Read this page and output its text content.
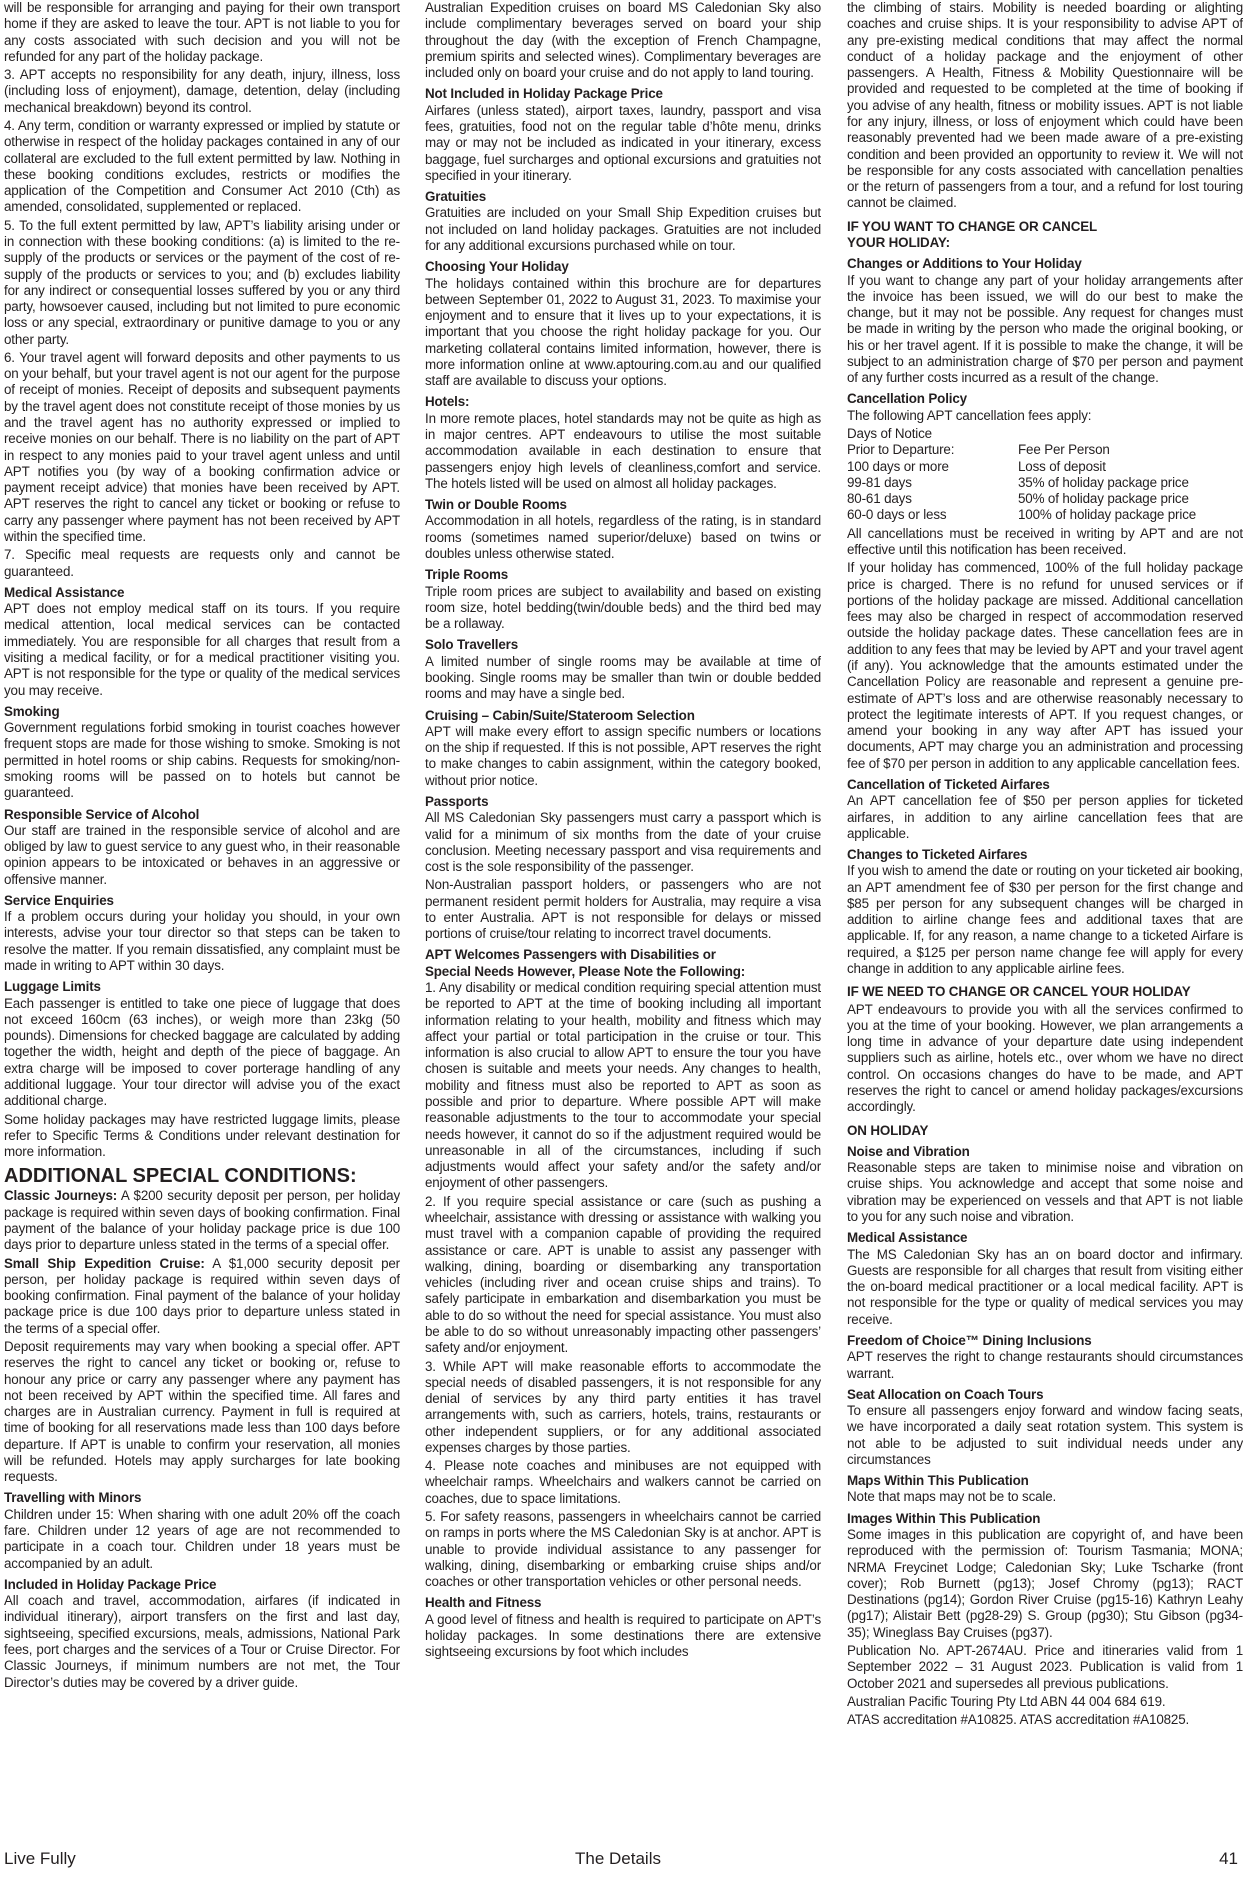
will be responsible for arranging and paying for their own transport home if they are asked to leave the tour. APT is not liable to you for any costs associated with such decision and you will not be refunded for any part of the holiday package.

3. APT accepts no responsibility for any death, injury, illness, loss (including loss of enjoyment), damage, detention, delay (including mechanical breakdown) beyond its control.

4. Any term, condition or warranty expressed or implied by statute or otherwise in respect of the holiday packages contained in any of our collateral are excluded to the full extent permitted by law. Nothing in these booking conditions excludes, restricts or modifies the application of the Competition and Consumer Act 2010 (Cth) as amended, consolidated, supplemented or replaced.

5. To the full extent permitted by law, APT’s liability arising under or in connection with these booking conditions: (a) is limited to the re-supply of the products or services or the payment of the cost of re-supply of the products or services to you; and (b) excludes liability for any indirect or consequential losses suffered by you or any third party, howsoever caused, including but not limited to pure economic loss or any special, extraordinary or punitive damage to you or any other party.

6. Your travel agent will forward deposits and other payments to us on your behalf, but your travel agent is not our agent for the purpose of receipt of monies. Receipt of deposits and subsequent payments by the travel agent does not constitute receipt of those monies by us and the travel agent has no authority expressed or implied to receive monies on our behalf. There is no liability on the part of APT in respect to any monies paid to your travel agent unless and until APT notifies you (by way of a booking confirmation advice or payment receipt advice) that monies have been received by APT. APT reserves the right to cancel any ticket or booking or refuse to carry any passenger where payment has not been received by APT within the specified time.

7. Specific meal requests are requests only and cannot be guaranteed.

Medical Assistance

APT does not employ medical staff on its tours. If you require medical attention, local medical services can be contacted immediately. You are responsible for all charges that result from a visiting a medical facility, or for a medical practitioner visiting you. APT is not responsible for the type or quality of the medical services you may receive.

Smoking

Government regulations forbid smoking in tourist coaches however frequent stops are made for those wishing to smoke. Smoking is not permitted in hotel rooms or ship cabins. Requests for smoking/non-smoking rooms will be passed on to hotels but cannot be guaranteed.

Responsible Service of Alcohol

Our staff are trained in the responsible service of alcohol and are obliged by law to guest service to any guest who, in their reasonable opinion appears to be intoxicated or behaves in an aggressive or offensive manner.

Service Enquiries

If a problem occurs during your holiday you should, in your own interests, advise your tour director so that steps can be taken to resolve the matter. If you remain dissatisfied, any complaint must be made in writing to APT within 30 days.

Luggage Limits

Each passenger is entitled to take one piece of luggage that does not exceed 160cm (63 inches), or weigh more than 23kg (50 pounds). Dimensions for checked baggage are calculated by adding together the width, height and depth of the piece of baggage. An extra charge will be imposed to cover porterage handling of any additional luggage. Your tour director will advise you of the exact additional charge.

Some holiday packages may have restricted luggage limits, please refer to Specific Terms & Conditions under relevant destination for more information.

ADDITIONAL SPECIAL CONDITIONS:

Classic Journeys: A $200 security deposit per person, per holiday package is required within seven days of booking confirmation. Final payment of the balance of your holiday package price is due 100 days prior to departure unless stated in the terms of a special offer.

Small Ship Expedition Cruise: A $1,000 security deposit per person, per holiday package is required within seven days of booking confirmation. Final payment of the balance of your holiday package price is due 100 days prior to departure unless stated in the terms of a special offer.

Deposit requirements may vary when booking a special offer. APT reserves the right to cancel any ticket or booking or, refuse to honour any price or carry any passenger where any payment has not been received by APT within the specified time. All fares and charges are in Australian currency. Payment in full is required at time of booking for all reservations made less than 100 days before departure. If APT is unable to confirm your reservation, all monies will be refunded. Hotels may apply surcharges for late booking requests.

Travelling with Minors

Children under 15: When sharing with one adult 20% off the coach fare. Children under 12 years of age are not recommended to participate in a coach tour. Children under 18 years must be accompanied by an adult.

Included in Holiday Package Price

All coach and travel, accommodation, airfares (if indicated in individual itinerary), airport transfers on the first and last day, sightseeing, specified excursions, meals, admissions, National Park fees, port charges and the services of a Tour or Cruise Director. For Classic Journeys, if minimum numbers are not met, the Tour Director’s duties may be covered by a driver guide.

Australian Expedition cruises on board MS Caledonian Sky also include complimentary beverages served on board your ship throughout the day (with the exception of French Champagne, premium spirits and selected wines). Complimentary beverages are included only on board your cruise and do not apply to land touring.

Not Included in Holiday Package Price

Airfares (unless stated), airport taxes, laundry, passport and visa fees, gratuities, food not on the regular table d’hôte menu, drinks may or may not be included as indicated in your itinerary, excess baggage, fuel surcharges and optional excursions and gratuities not specified in your itinerary.

Gratuities

Gratuities are included on your Small Ship Expedition cruises but not included on land holiday packages. Gratuities are not included for any additional excursions purchased while on tour.

Choosing Your Holiday

The holidays contained within this brochure are for departures between September 01, 2022 to August 31, 2023. To maximise your enjoyment and to ensure that it lives up to your expectations, it is important that you choose the right holiday package for you. Our marketing collateral contains limited information, however, there is more information online at www.aptouring.com.au and our qualified staff are available to discuss your options.

Hotels:

In more remote places, hotel standards may not be quite as high as in major centres. APT endeavours to utilise the most suitable accommodation available in each destination to ensure that passengers enjoy high levels of cleanliness,comfort and service. The hotels listed will be used on almost all holiday packages.

Twin or Double Rooms

Accommodation in all hotels, regardless of the rating, is in standard rooms (sometimes named superior/deluxe) based on twins or doubles unless otherwise stated.

Triple Rooms

Triple room prices are subject to availability and based on existing room size, hotel bedding(twin/double beds) and the third bed may be a rollaway.

Solo Travellers

A limited number of single rooms may be available at time of booking. Single rooms may be smaller than twin or double bedded rooms and may have a single bed.

Cruising – Cabin/Suite/Stateroom Selection

APT will make every effort to assign specific numbers or locations on the ship if requested. If this is not possible, APT reserves the right to make changes to cabin assignment, within the category booked, without prior notice.

Passports

All MS Caledonian Sky passengers must carry a passport which is valid for a minimum of six months from the date of your cruise conclusion. Meeting necessary passport and visa requirements and cost is the sole responsibility of the passenger.

Non-Australian passport holders, or passengers who are not permanent resident permit holders for Australia, may require a visa to enter Australia. APT is not responsible for delays or missed portions of cruise/tour relating to incorrect travel documents.

APT Welcomes Passengers with Disabilities or
Special Needs However, Please Note the Following:

1. Any disability or medical condition requiring special attention must be reported to APT at the time of booking including all important information relating to your health, mobility and fitness which may affect your partial or total participation in the cruise or tour. This information is also crucial to allow APT to ensure the tour you have chosen is suitable and meets your needs. Any changes to health, mobility and fitness must also be reported to APT as soon as possible and prior to departure. Where possible APT will make reasonable adjustments to the tour to accommodate your special needs however, it cannot do so if the adjustment required would be unreasonable in all of the circumstances, including if such adjustments would affect your safety and/or the safety and/or enjoyment of other passengers.

2. If you require special assistance or care (such as pushing a wheelchair, assistance with dressing or assistance with walking you must travel with a companion capable of providing the required assistance or care. APT is unable to assist any passenger with walking, dining, boarding or disembarking any transportation vehicles (including river and ocean cruise ships and trains). To safely participate in embarkation and disembarkation you must be able to do so without the need for special assistance. You must also be able to do so without unreasonably impacting other passengers’ safety and/or enjoyment.

3. While APT will make reasonable efforts to accommodate the special needs of disabled passengers, it is not responsible for any denial of services by any third party entities it has travel arrangements with, such as carriers, hotels, trains, restaurants or other independent suppliers, or for any additional associated expenses charges by those parties.

4. Please note coaches and minibuses are not equipped with wheelchair ramps. Wheelchairs and walkers cannot be carried on coaches, due to space limitations.

5. For safety reasons, passengers in wheelchairs cannot be carried on ramps in ports where the MS Caledonian Sky is at anchor. APT is unable to provide individual assistance to any passenger for walking, dining, disembarking or embarking cruise ships and/or coaches or other transportation vehicles or other personal needs.

Health and Fitness

A good level of fitness and health is required to participate on APT’s holiday packages. In some destinations there are extensive sightseeing excursions by foot which includes

the climbing of stairs. Mobility is needed boarding or alighting coaches and cruise ships. It is your responsibility to advise APT of any pre-existing medical conditions that may affect the normal conduct of a holiday package and the enjoyment of other passengers. A Health, Fitness & Mobility Questionnaire will be provided and requested to be completed at the time of booking if you advise of any health, fitness or mobility issues. APT is not liable for any injury, illness, or loss of enjoyment which could have been reasonably prevented had we been made aware of a pre-existing condition and been provided an opportunity to review it. We will not be responsible for any costs associated with cancellation penalties or the return of passengers from a tour, and a refund for lost touring cannot be claimed.

IF YOU WANT TO CHANGE OR CANCEL
YOUR HOLIDAY:
Changes or Additions to Your Holiday

If you want to change any part of your holiday arrangements after the invoice has been issued, we will do our best to make the change, but it may not be possible. Any request for changes must be made in writing by the person who made the original booking, or his or her travel agent. If it is possible to make the change, it will be subject to an administration charge of $70 per person and payment of any further costs incurred as a result of the change.

Cancellation Policy

The following APT cancellation fees apply:

Days of Notice
Prior to Departure:	Fee Per Person
100 days or more	Loss of deposit
99-81 days	35% of holiday package price
80-61 days	50% of holiday package price
60-0 days or less	100% of holiday package price

All cancellations must be received in writing by APT and are not effective until this notification has been received.

If your holiday has commenced, 100% of the full holiday package price is charged. There is no refund for unused services or if portions of the holiday package are missed. Additional cancellation fees may also be charged in respect of accommodation reserved outside the holiday package dates. These cancellation fees are in addition to any fees that may be levied by APT and your travel agent (if any). You acknowledge that the amounts estimated under the Cancellation Policy are reasonable and represent a genuine pre-estimate of APT’s loss and are otherwise reasonably necessary to protect the legitimate interests of APT. If you request changes, or amend your booking in any way after APT has issued your documents, APT may charge you an administration and processing fee of $70 per person in addition to any applicable cancellation fees.

Cancellation of Ticketed Airfares

An APT cancellation fee of $50 per person applies for ticketed airfares, in addition to any airline cancellation fees that are applicable.

Changes to Ticketed Airfares

If you wish to amend the date or routing on your ticketed air booking, an APT amendment fee of $30 per person for the first change and $85 per person for any subsequent changes will be charged in addition to airline change fees and additional taxes that are applicable. If, for any reason, a name change to a ticketed Airfare is required, a $125 per person name change fee will apply for every change in addition to any applicable airline fees.

IF WE NEED TO CHANGE OR CANCEL YOUR HOLIDAY

APT endeavours to provide you with all the services confirmed to you at the time of your booking. However, we plan arrangements a long time in advance of your departure date using independent suppliers such as airline, hotels etc., over whom we have no direct control. On occasions changes do have to be made, and APT reserves the right to cancel or amend holiday packages/excursions accordingly.

ON HOLIDAY
Noise and Vibration

Reasonable steps are taken to minimise noise and vibration on cruise ships. You acknowledge and accept that some noise and vibration may be experienced on vessels and that APT is not liable to you for any such noise and vibration.

Medical Assistance

The MS Caledonian Sky has an on board doctor and infirmary. Guests are responsible for all charges that result from visiting either the on-board medical practitioner or a local medical facility. APT is not responsible for the type or quality of medical services you may receive.

Freedom of Choice™ Dining Inclusions

APT reserves the right to change restaurants should circumstances warrant.

Seat Allocation on Coach Tours

To ensure all passengers enjoy forward and window facing seats, we have incorporated a daily seat rotation system. This system is not able to be adjusted to suit individual needs under any circumstances

Maps Within This Publication

Note that maps may not be to scale.

Images Within This Publication

Some images in this publication are copyright of, and have been reproduced with the permission of: Tourism Tasmania; MONA; NRMA Freycinet Lodge; Caledonian Sky; Luke Tscharke (front cover); Rob Burnett (pg13); Josef Chromy (pg13); RACT Destinations (pg14); Gordon River Cruise (pg15-16) Kathryn Leahy (pg17); Alistair Bett (pg28-29) S. Group (pg30); Stu Gibson (pg34-35); Wineglass Bay Cruises (pg37).

Publication No. APT-2674AU. Price and itineraries valid from 1 September 2022 – 31 August 2023. Publication is valid from 1 October 2021 and supersedes all previous publications.

Australian Pacific Touring Pty Ltd ABN 44 004 684 619.

ATAS accreditation #A10825. ATAS accreditation #A10825.

Live Fully	The Details	41
